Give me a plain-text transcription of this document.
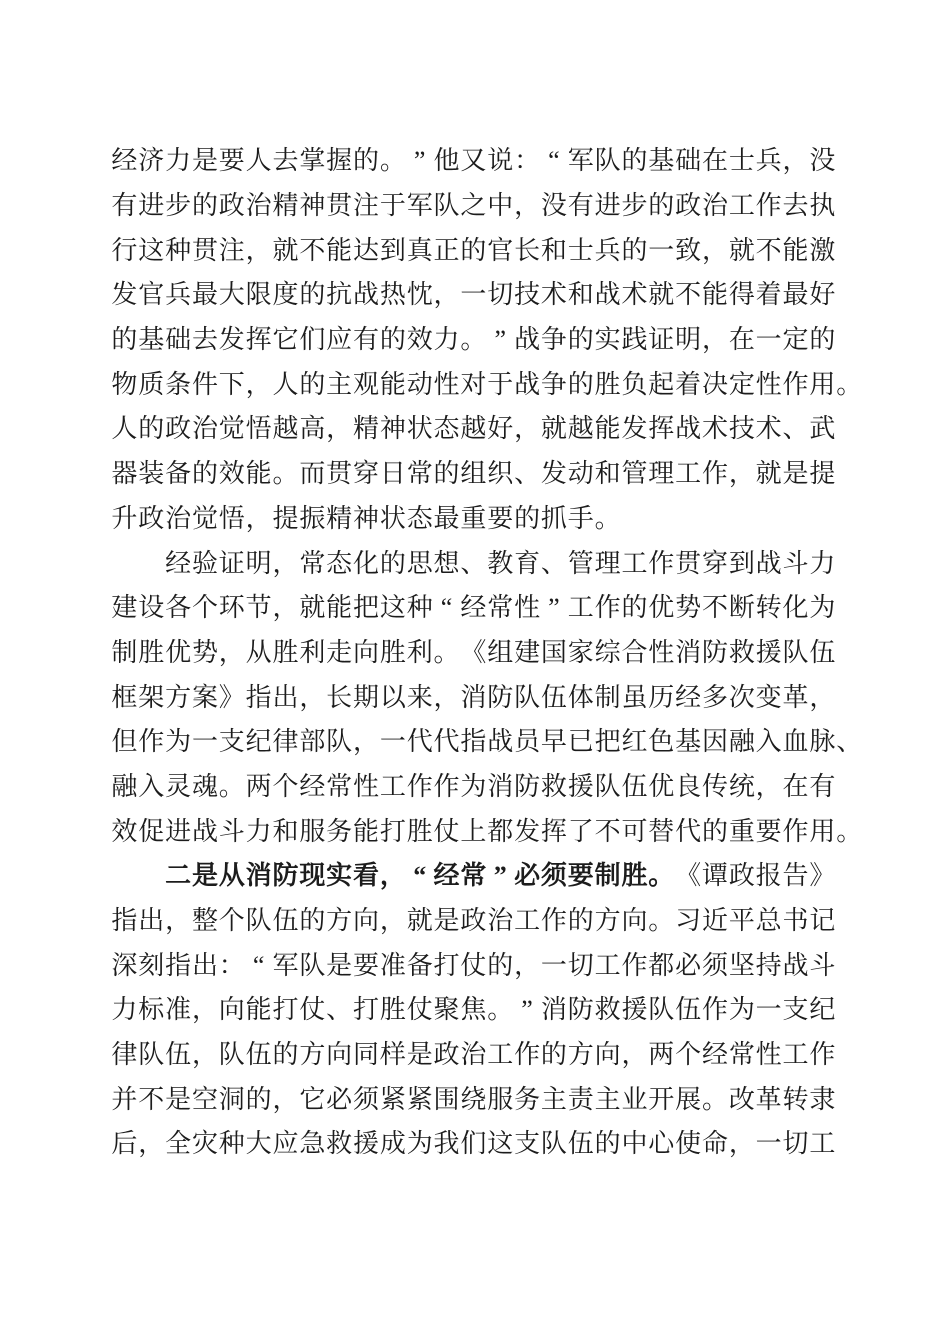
经 济 力 是 要 人 去 掌 握 的 。 ” 他 又 说 ： “ 军 队 的 基 础 在 士 兵 ， 没
有 进 步 的 政 治 精 神 贯 注 于 军 队 之 中 ， 没 有 进 步 的 政 治 工 作 去 执
行 这 种 贯 注 ， 就 不 能 达 到 真 正 的 官 长 和 士 兵 的 一 致 ， 就 不 能 激
发 官 兵 最 大 限 度 的 抗 战 热 忱 ， 一 切 技 术 和 战 术 就 不 能 得 着 最 好
的 基 础 去 发 挥 它 们 应 有 的 效 力 。 ” 战 争 的 实 践 证 明 ， 在 一 定 的
物 质 条 件 下 ， 人 的 主 观 能 动 性 对 于 战 争 的 胜 负 起 着 决 定 性 作 用 。
人 的 政 治 觉 悟 越 高 ， 精 神 状 态 越 好 ， 就 越 能 发 挥 战 术 技 术 、 武
器 装 备 的 效 能 。 而 贯 穿 日 常 的 组 织 、 发 动 和 管 理 工 作 ， 就 是 提
升 政 治 觉 悟 ， 提 振 精 神 状 态 最 重 要 的 抓 手 。
经 验 证 明 ， 常 态 化 的 思 想 、 教 育 、 管 理 工 作 贯 穿 到 战 斗 力
建 设 各 个 环 节 ， 就 能 把 这 种 “ 经 常 性 ” 工 作 的 优 势 不 断 转 化 为
制 胜 优 势 ， 从 胜 利 走 向 胜 利 。 《 组 建 国 家 综 合 性 消 防 救 援 队 伍
框 架 方 案 》 指 出 ， 长 期 以 来 ， 消 防 队 伍 体 制 虽 历 经 多 次 变 革 ，
但 作 为 一 支 纪 律 部 队 ， 一 代 代 指 战 员 早 已 把 红 色 基 因 融 入 血 脉 、
融 入 灵 魂 。 两 个 经 常 性 工 作 作 为 消 防 救 援 队 伍 优 良 传 统 ， 在 有
效 促 进 战 斗 力 和 服 务 能 打 胜 仗 上 都 发 挥 了 不 可 替 代 的 重 要 作 用 。
二 是 从 消 防 现 实 看 ， “ 经 常 ” 必 须 要 制 胜 。 《 谭 政 报 告 》
指 出 ， 整 个 队 伍 的 方 向 ， 就 是 政 治 工 作 的 方 向 。 习 近 平 总 书 记
深 刻 指 出 ： “ 军 队 是 要 准 备 打 仗 的 ， 一 切 工 作 都 必 须 坚 持 战 斗
力 标 准 ， 向 能 打 仗 、 打 胜 仗 聚 焦 。 ” 消 防 救 援 队 伍 作 为 一 支 纪
律 队 伍 ， 队 伍 的 方 向 同 样 是 政 治 工 作 的 方 向 ， 两 个 经 常 性 工 作
并 不 是 空 洞 的 ， 它 必 须 紧 紧 围 绕 服 务 主 责 主 业 开 展 。 改 革 转 隶
后 ， 全 灾 种 大 应 急 救 援 成 为 我 们 这 支 队 伍 的 中 心 使 命 ， 一 切 工
